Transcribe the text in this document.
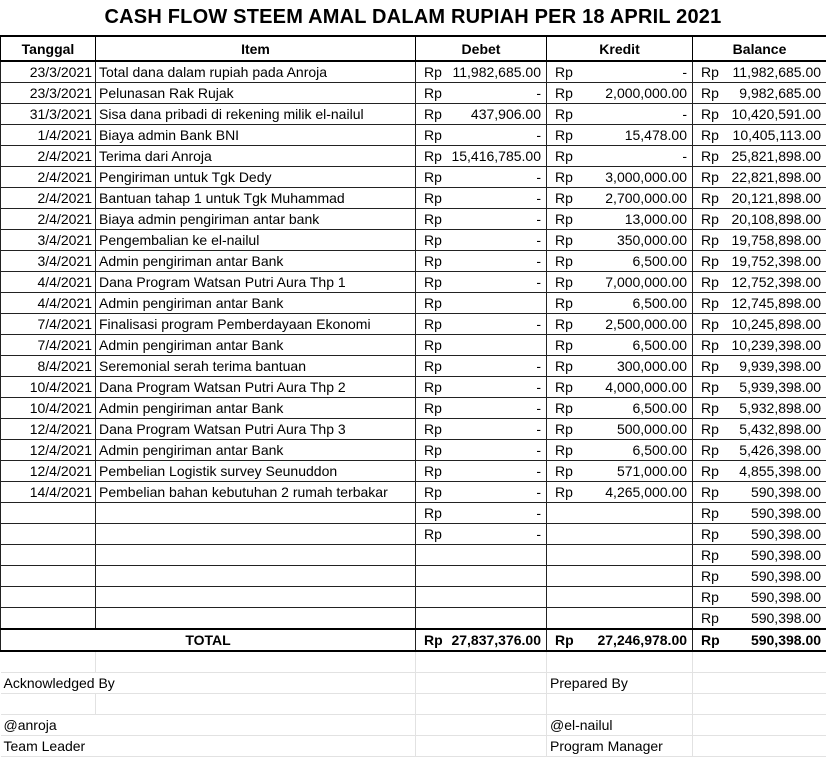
CASH FLOW STEEM AMAL DALAM RUPIAH PER 18 APRIL 2021
Tanggal	Item	Debet		Kredit		Balance	
23/3/2021	Total dana dalam rupiah pada Anroja	Rp	11,982,685.00	Rp	-	Rp	11,982,685.00
23/3/2021	Pelunasan Rak Rujak	Rp	-	Rp	2,000,000.00	Rp	9,982,685.00
31/3/2021	Sisa dana pribadi di rekening milik el-nailul	Rp	437,906.00	Rp	-	Rp	10,420,591.00
1/4/2021	Biaya admin Bank BNI	Rp	-	Rp	15,478.00	Rp	10,405,113.00
2/4/2021	Terima dari Anroja	Rp	15,416,785.00	Rp	-	Rp	25,821,898.00
2/4/2021	Pengiriman untuk Tgk Dedy	Rp	-	Rp	3,000,000.00	Rp	22,821,898.00
2/4/2021	Bantuan tahap 1 untuk Tgk Muhammad	Rp	-	Rp	2,700,000.00	Rp	20,121,898.00
2/4/2021	Biaya admin pengiriman antar bank	Rp	-	Rp	13,000.00	Rp	20,108,898.00
3/4/2021	Pengembalian ke el-nailul	Rp	-	Rp	350,000.00	Rp	19,758,898.00
3/4/2021	Admin pengiriman antar Bank	Rp	-	Rp	6,500.00	Rp	19,752,398.00
4/4/2021	Dana Program Watsan Putri Aura Thp 1	Rp	-	Rp	7,000,000.00	Rp	12,752,398.00
4/4/2021	Admin pengiriman antar Bank	Rp		Rp	6,500.00	Rp	12,745,898.00
7/4/2021	Finalisasi program Pemberdayaan Ekonomi	Rp	-	Rp	2,500,000.00	Rp	10,245,898.00
7/4/2021	Admin pengiriman antar Bank	Rp		Rp	6,500.00	Rp	10,239,398.00
8/4/2021	Seremonial serah terima bantuan	Rp	-	Rp	300,000.00	Rp	9,939,398.00
10/4/2021	Dana Program Watsan Putri Aura Thp 2	Rp	-	Rp	4,000,000.00	Rp	5,939,398.00
10/4/2021	Admin pengiriman antar Bank	Rp	-	Rp	6,500.00	Rp	5,932,898.00
12/4/2021	Dana Program Watsan Putri Aura Thp 3	Rp	-	Rp	500,000.00	Rp	5,432,898.00
12/4/2021	Admin pengiriman antar Bank	Rp	-	Rp	6,500.00	Rp	5,426,398.00
12/4/2021	Pembelian Logistik survey Seunuddon	Rp	-	Rp	571,000.00	Rp	4,855,398.00
14/4/2021	Pembelian bahan kebutuhan 2 rumah terbakar	Rp	-	Rp	4,265,000.00	Rp	590,398.00
		Rp	-			Rp	590,398.00
		Rp	-			Rp	590,398.00
						Rp	590,398.00
						Rp	590,398.00
						Rp	590,398.00
						Rp	590,398.00
TOTAL		Rp	27,837,376.00	Rp	27,246,978.00	Rp	590,398.00

Acknowledged By				Prepared By			

@anroja				@el-nailul			
Team Leader				Program Manager			
